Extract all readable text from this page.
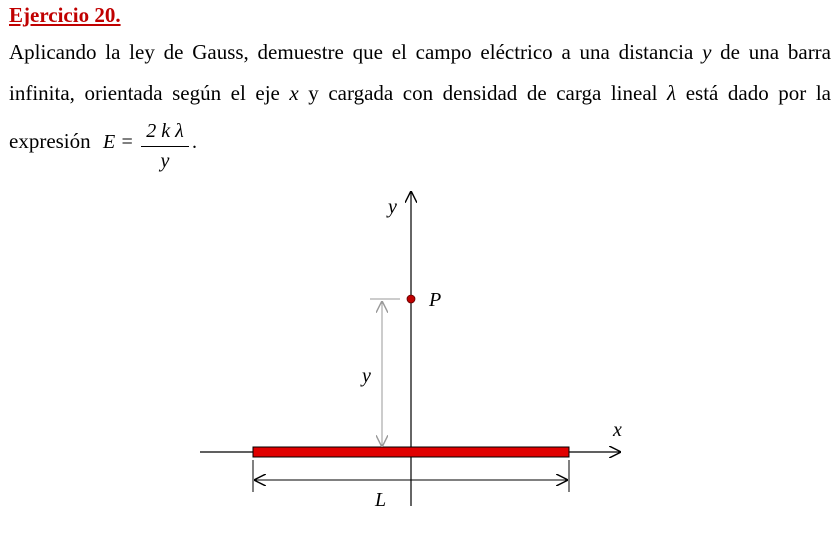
Ejercicio 20.
Aplicando la ley de Gauss, demuestre que el campo eléctrico a una distancia y de una barra
infinita, orientada según el eje x y cargada con densidad de carga lineal λ está dado por la
expresión E = 2 k λ
y
.
y
x
P
y
L
